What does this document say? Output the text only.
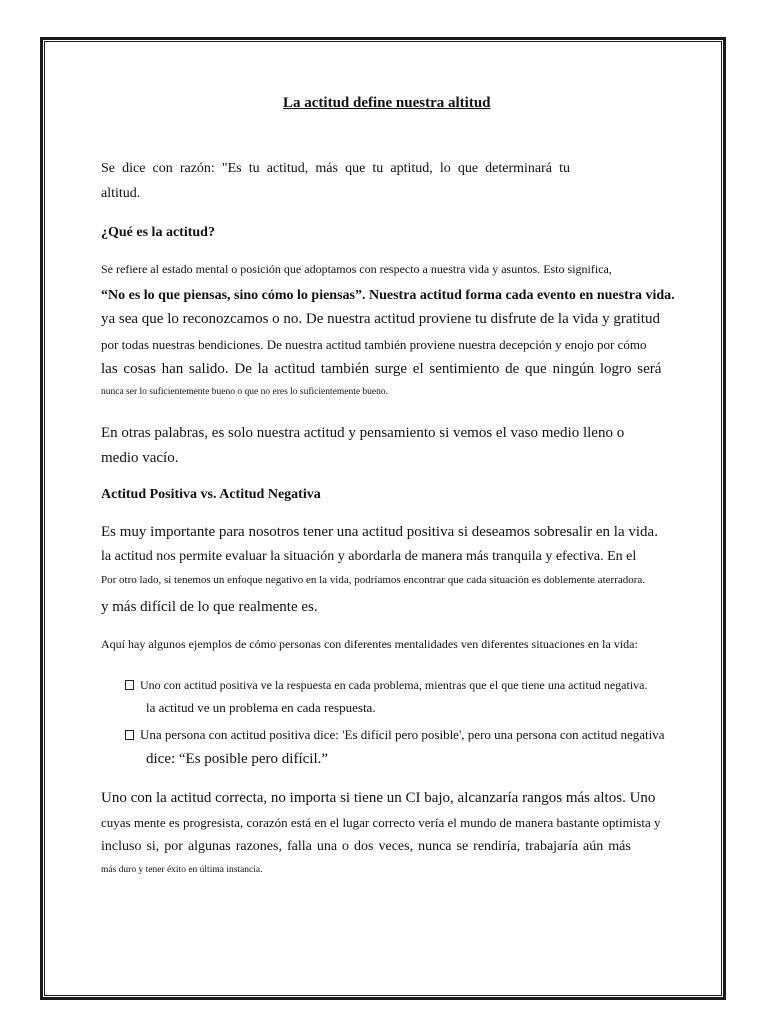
La actitud define nuestra altitud
Se dice con razón: "Es tu actitud, más que tu aptitud, lo que determinará tu
altitud.
¿Qué es la actitud?
Se refiere al estado mental o posición que adoptamos con respecto a nuestra vida y asuntos. Esto significa,
“No es lo que piensas, sino cómo lo piensas”. Nuestra actitud forma cada evento en nuestra vida.
ya sea que lo reconozcamos o no. De nuestra actitud proviene tu disfrute de la vida y gratitud
por todas nuestras bendiciones. De nuestra actitud también proviene nuestra decepción y enojo por cómo
las cosas han salido. De la actitud también surge el sentimiento de que ningún logro será
nunca ser lo suficientemente bueno o que no eres lo suficientemente bueno.
En otras palabras, es solo nuestra actitud y pensamiento si vemos el vaso medio lleno o
medio vacío.
Actitud Positiva vs. Actitud Negativa
Es muy importante para nosotros tener una actitud positiva si deseamos sobresalir en la vida.
la actitud nos permite evaluar la situación y abordarla de manera más tranquila y efectiva. En el
Por otro lado, si tenemos un enfoque negativo en la vida, podríamos encontrar que cada situación es doblemente aterradora.
y más difícil de lo que realmente es.
Aquí hay algunos ejemplos de cómo personas con diferentes mentalidades ven diferentes situaciones en la vida:
Uno con actitud positiva ve la respuesta en cada problema, mientras que el que tiene una actitud negativa.
la actitud ve un problema en cada respuesta.
Una persona con actitud positiva dice: 'Es difícil pero posible', pero una persona con actitud negativa
dice: “Es posible pero difícil.”
Uno con la actitud correcta, no importa si tiene un CI bajo, alcanzaría rangos más altos. Uno
cuyas mente es progresista, corazón está en el lugar correcto vería el mundo de manera bastante optimista y
incluso si, por algunas razones, falla una o dos veces, nunca se rendiría, trabajaría aún más
más duro y tener éxito en última instancia.
